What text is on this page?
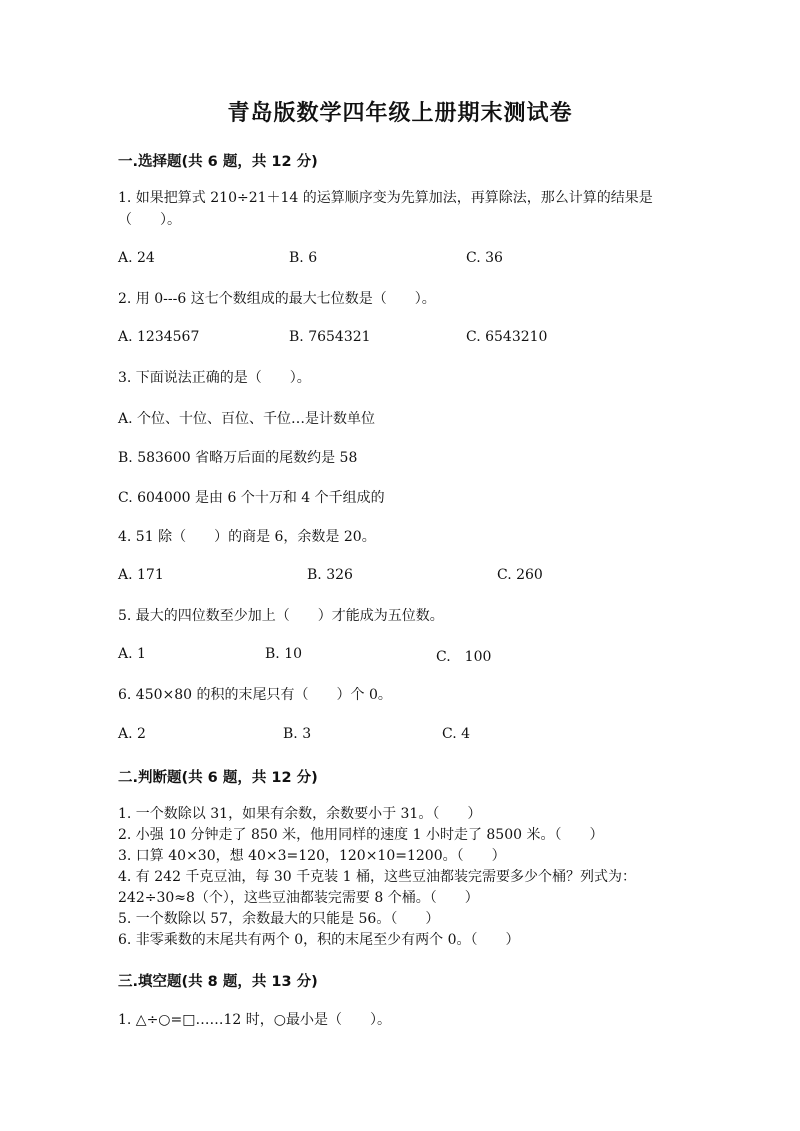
青岛版数学四年级上册期末测试卷
一.选择题(共 6 题，共 12 分)
1. 如果把算式 210÷21＋14 的运算顺序变为先算加法，再算除法，那么计算的结果是（　　）。
A. 24	B. 6	C. 36
2. 用 0---6 这七个数组成的最大七位数是（　　）。
A. 1234567	B. 7654321	C. 6543210
3. 下面说法正确的是（　　）。
A. 个位、十位、百位、千位…是计数单位
B. 583600 省略万后面的尾数约是 58
C. 604000 是由 6 个十万和 4 个千组成的
4. 51 除（　　）的商是 6，余数是 20。
A. 171	B. 326	C. 260
5. 最大的四位数至少加上（　　）才能成为五位数。
A. 1	B. 10	C.　100
6. 450×80 的积的末尾只有（　　）个 0。
A. 2	B. 3	C. 4
二.判断题(共 6 题，共 12 分)
1. 一个数除以 31，如果有余数，余数要小于 31。（　　）
2. 小强 10 分钟走了 850 米，他用同样的速度 1 小时走了 8500 米。（　　）
3. 口算 40×30，想 40×3=120，120×10=1200。（　　）
4. 有 242 千克豆油，每 30 千克装 1 桶，这些豆油都装完需要多少个桶？列式为：242÷30≈8（个），这些豆油都装完需要 8 个桶。（　　）
5. 一个数除以 57，余数最大的只能是 56。（　　）
6. 非零乘数的末尾共有两个 0，积的末尾至少有两个 0。（　　）
三.填空题(共 8 题，共 13 分)
1. △÷○=□……12 时，○最小是（　　）。
